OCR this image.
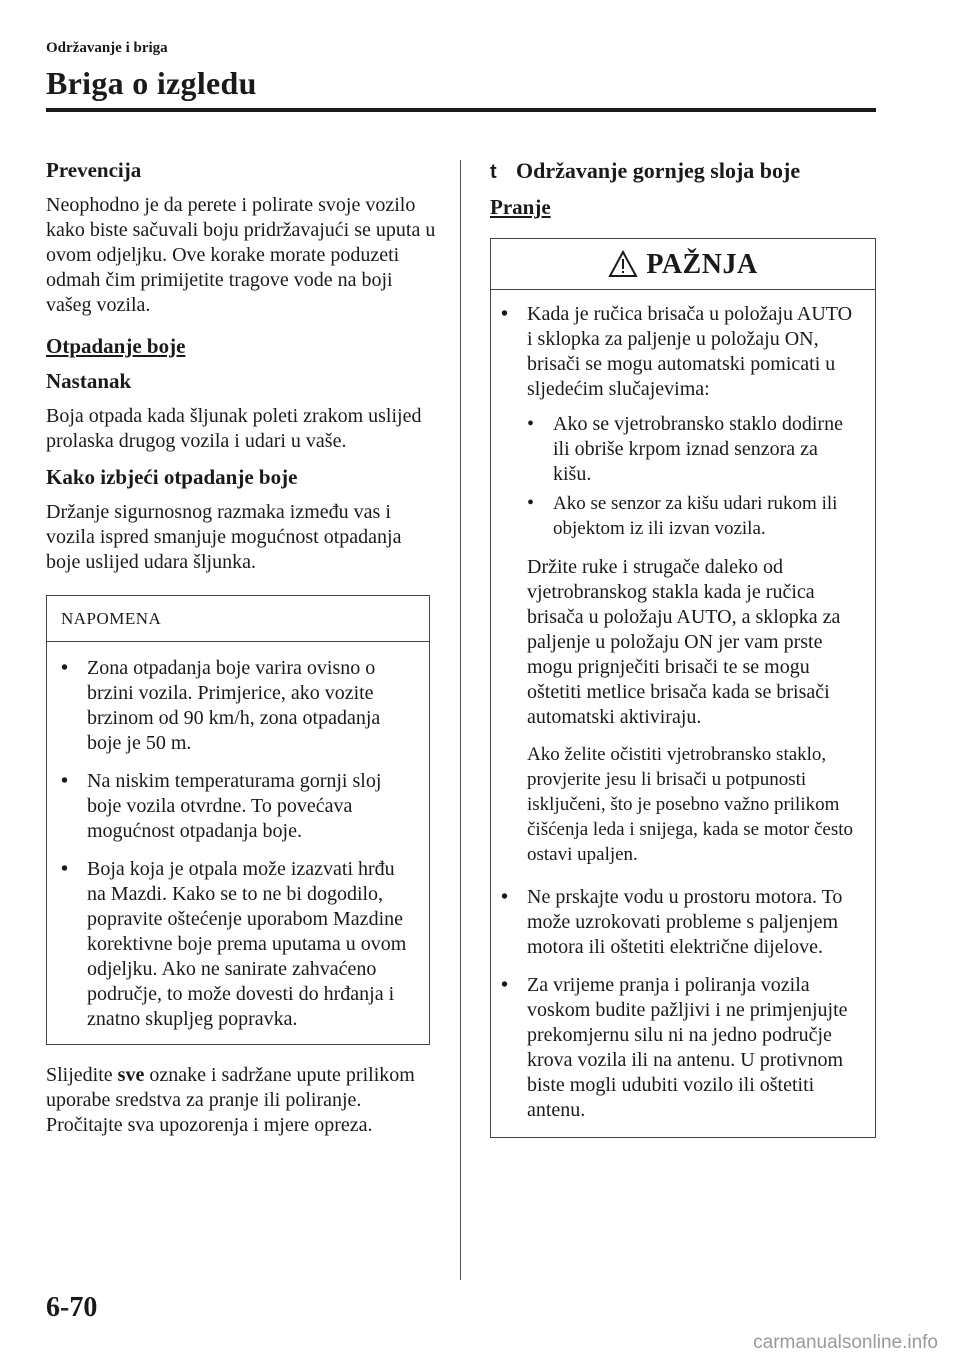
Održavanje i briga
Briga o izgledu
Prevencija

Neophodno je da perete i polirate svoje vozilo kako biste sačuvali boju pridržavajući se uputa u ovom odjeljku. Ove korake morate poduzeti odmah čim primijetite tragove vode na boji vašeg vozila.

Otpadanje boje
Nastanak

Boja otpada kada šljunak poleti zrakom uslijed prolaska drugog vozila i udari u vaše.

Kako izbjeći otpadanje boje

Držanje sigurnosnog razmaka između vas i vozila ispred smanjuje mogućnost otpadanja boje uslijed udara šljunka.

NAPOMENA
• Zona otpadanja boje varira ovisno o brzini vozila. Primjerice, ako vozite brzinom od 90 km/h, zona otpadanja boje je 50 m.
• Na niskim temperaturama gornji sloj boje vozila otvrdne. To povećava mogućnost otpadanja boje.
• Boja koja je otpala može izazvati hrđu na Mazdi. Kako se to ne bi dogodilo, popravite oštećenje uporabom Mazdine korektivne boje prema uputama u ovom odjeljku. Ako ne sanirate zahvaćeno područje, to može dovesti do hrđanja i znatno skupljeg popravka.

Slijedite sve oznake i sadržane upute prilikom uporabe sredstva za pranje ili poliranje. Pročitajte sva upozorenja i mjere opreza.

t Održavanje gornjeg sloja boje
Pranje
PAŽNJA
• Kada je ručica brisača u položaju AUTO i sklopka za paljenje u položaju ON, brisači se mogu automatski pomicati u sljedećim slučajevima:
• Ako se vjetrobransko staklo dodirne ili obriše krpom iznad senzora za kišu.
• Ako se senzor za kišu udari rukom ili objektom iz ili izvan vozila.
Držite ruke i strugače daleko od vjetrobranskog stakla kada je ručica brisača u položaju AUTO, a sklopka za paljenje u položaju ON jer vam prste mogu prignječiti brisači te se mogu oštetiti metlice brisača kada se brisači automatski aktiviraju.
Ako želite očistiti vjetrobransko staklo, provjerite jesu li brisači u potpunosti isključeni, što je posebno važno prilikom čišćenja leda i snijega, kada se motor često ostavi upaljen.
• Ne prskajte vodu u prostoru motora. To može uzrokovati probleme s paljenjem motora ili oštetiti električne dijelove.
• Za vrijeme pranja i poliranja vozila voskom budite pažljivi i ne primjenjujte prekomjernu silu ni na jedno područje krova vozila ili na antenu. U protivnom biste mogli udubiti vozilo ili oštetiti antenu.
6-70
carmanualsonline.info
